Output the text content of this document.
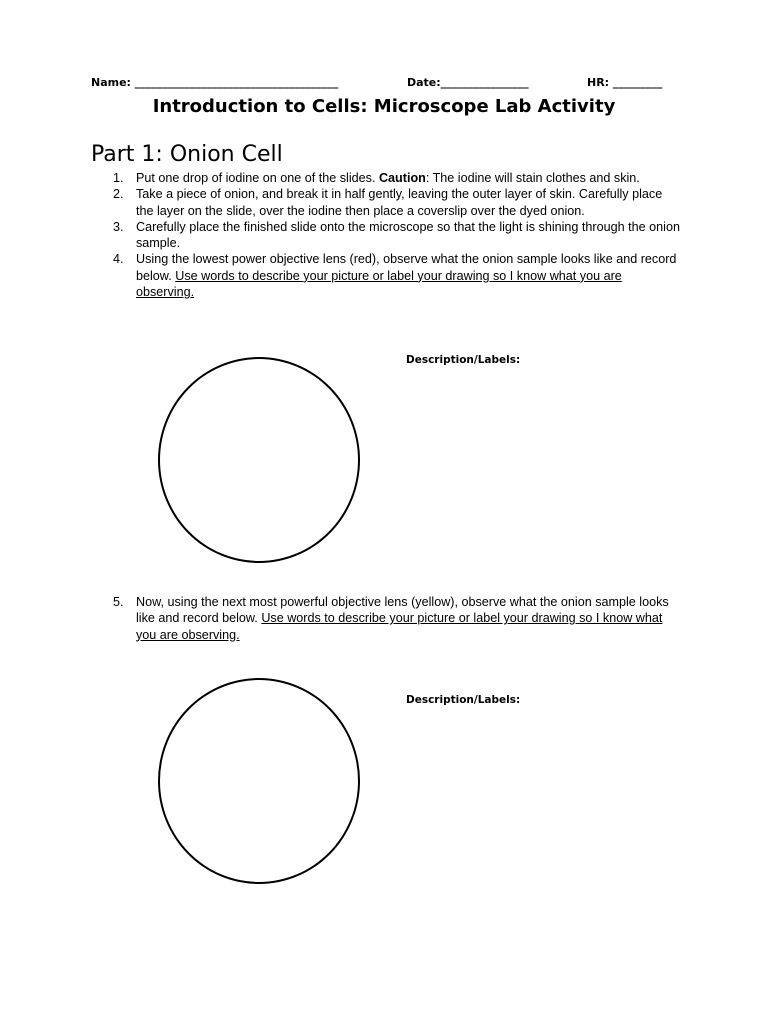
Name: _____________________________________	Date:________________	HR: _________
Introduction to Cells: Microscope Lab Activity
Part 1: Onion Cell
1. Put one drop of iodine on one of the slides. Caution: The iodine will stain clothes and skin.
2. Take a piece of onion, and break it in half gently, leaving the outer layer of skin. Carefully place the layer on the slide, over the iodine then place a coverslip over the dyed onion.
3. Carefully place the finished slide onto the microscope so that the light is shining through the onion sample.
4. Using the lowest power objective lens (red), observe what the onion sample looks like and record below. Use words to describe your picture or label your drawing so I know what you are observing.
Description/Labels:
5. Now, using the next most powerful objective lens (yellow), observe what the onion sample looks like and record below. Use words to describe your picture or label your drawing so I know what you are observing.
Description/Labels:
